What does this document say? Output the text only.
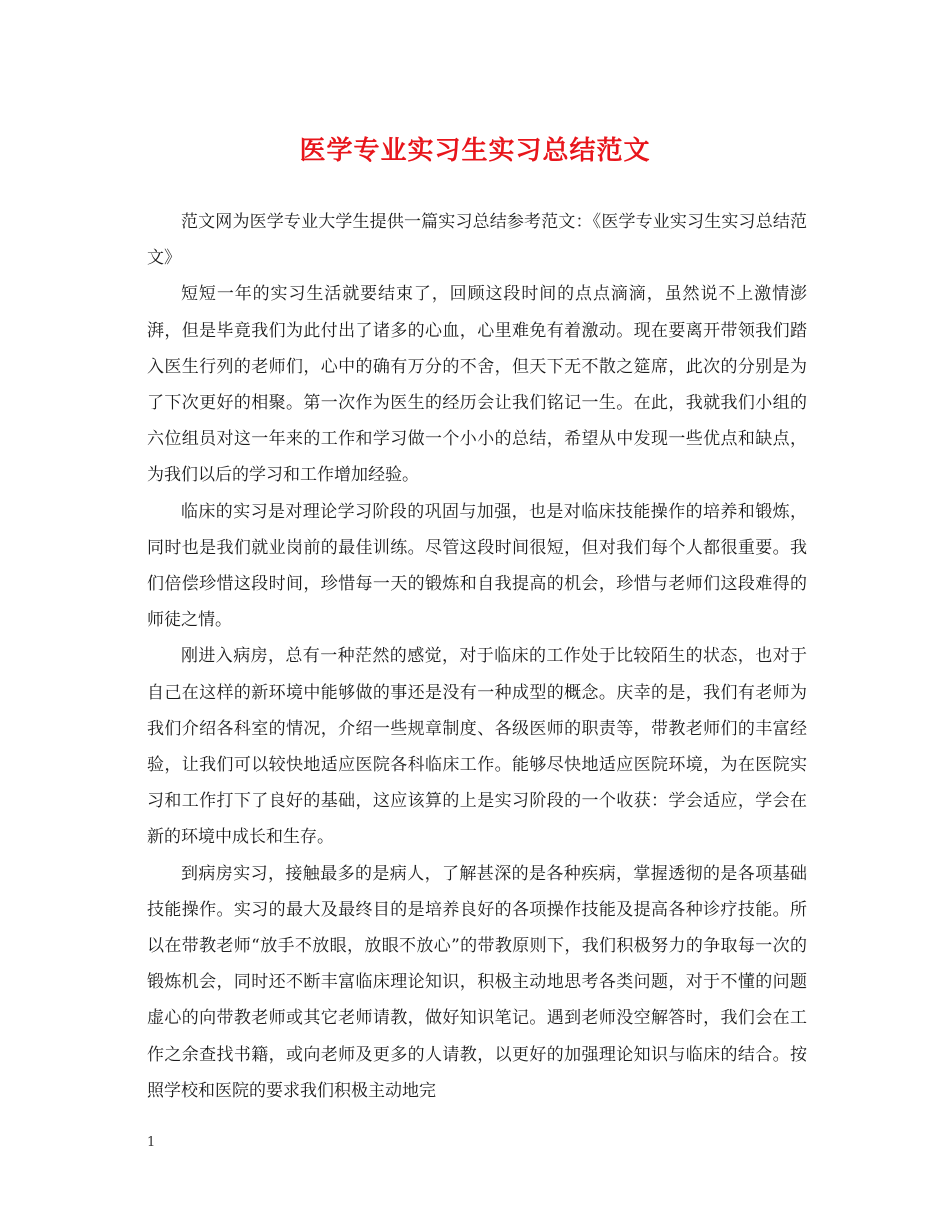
医学专业实习生实习总结范文

范文网为医学专业大学生提供一篇实习总结参考范文：《医学专业实习生实习总结范文》

短短一年的实习生活就要结束了，回顾这段时间的点点滴滴，虽然说不上激情澎湃，但是毕竟我们为此付出了诸多的心血，心里难免有着激动。现在要离开带领我们踏入医生行列的老师们，心中的确有万分的不舍，但天下无不散之筵席，此次的分别是为了下次更好的相聚。第一次作为医生的经历会让我们铭记一生。在此，我就我们小组的六位组员对这一年来的工作和学习做一个小小的总结，希望从中发现一些优点和缺点，为我们以后的学习和工作增加经验。

临床的实习是对理论学习阶段的巩固与加强，也是对临床技能操作的培养和锻炼，同时也是我们就业岗前的最佳训练。尽管这段时间很短，但对我们每个人都很重要。我们倍偿珍惜这段时间，珍惜每一天的锻炼和自我提高的机会，珍惜与老师们这段难得的师徒之情。

刚进入病房，总有一种茫然的感觉，对于临床的工作处于比较陌生的状态，也对于自己在这样的新环境中能够做的事还是没有一种成型的概念。庆幸的是，我们有老师为我们介绍各科室的情况，介绍一些规章制度、各级医师的职责等，带教老师们的丰富经验，让我们可以较快地适应医院各科临床工作。能够尽快地适应医院环境，为在医院实习和工作打下了良好的基础，这应该算的上是实习阶段的一个收获：学会适应，学会在新的环境中成长和生存。

到病房实习，接触最多的是病人，了解甚深的是各种疾病，掌握透彻的是各项基础技能操作。实习的最大及最终目的是培养良好的各项操作技能及提高各种诊疗技能。所以在带教老师“放手不放眼，放眼不放心”的带教原则下，我们积极努力的争取每一次的锻炼机会，同时还不断丰富临床理论知识，积极主动地思考各类问题，对于不懂的问题虚心的向带教老师或其它老师请教，做好知识笔记。遇到老师没空解答时，我们会在工作之余查找书籍，或向老师及更多的人请教，以更好的加强理论知识与临床的结合。按照学校和医院的要求我们积极主动地完

1
